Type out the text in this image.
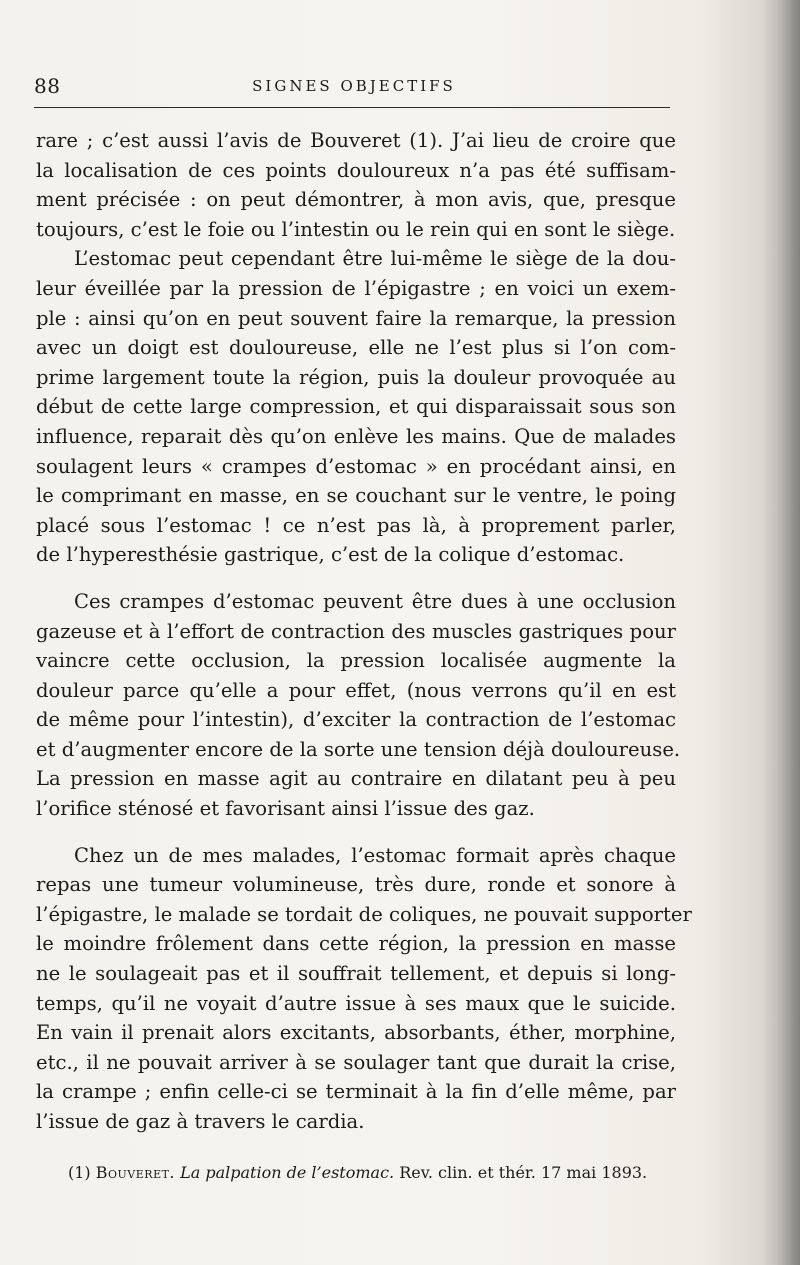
88	SIGNES OBJECTIFS

rare ; c’est aussi l’avis de Bouveret (1). J’ai lieu de croire que
la localisation de ces points douloureux n’a pas été suffisam-
ment précisée : on peut démontrer, à mon avis, que, presque
toujours, c’est le foie ou l’intestin ou le rein qui en sont le siège.

L’estomac peut cependant être lui-même le siège de la dou-
leur éveillée par la pression de l’épigastre ; en voici un exem-
ple : ainsi qu’on en peut souvent faire la remarque, la pression
avec un doigt est douloureuse, elle ne l’est plus si l’on com-
prime largement toute la région, puis la douleur provoquée au
début de cette large compression, et qui disparaissait sous son
influence, reparait dès qu’on enlève les mains. Que de malades
soulagent leurs « crampes d’estomac » en procédant ainsi, en
le comprimant en masse, en se couchant sur le ventre, le poing
placé sous l’estomac ! ce n’est pas là, à proprement parler,
de l’hyperesthésie gastrique, c’est de la colique d’estomac.

Ces crampes d’estomac peuvent être dues à une occlusion
gazeuse et à l’effort de contraction des muscles gastriques pour
vaincre cette occlusion, la pression localisée augmente la
douleur parce qu’elle a pour effet, (nous verrons qu’il en est
de même pour l’intestin), d’exciter la contraction de l’estomac
et d’augmenter encore de la sorte une tension déjà douloureuse.
La pression en masse agit au contraire en dilatant peu à peu
l’orifice sténosé et favorisant ainsi l’issue des gaz.

Chez un de mes malades, l’estomac formait après chaque
repas une tumeur volumineuse, très dure, ronde et sonore à
l’épigastre, le malade se tordait de coliques, ne pouvait supporter
le moindre frôlement dans cette région, la pression en masse
ne le soulageait pas et il souffrait tellement, et depuis si long-
temps, qu’il ne voyait d’autre issue à ses maux que le suicide.
En vain il prenait alors excitants, absorbants, éther, morphine,
etc., il ne pouvait arriver à se soulager tant que durait la crise,
la crampe ; enfin celle-ci se terminait à la fin d’elle même, par
l’issue de gaz à travers le cardia.

(1) Bouveret. La palpation de l’estomac. Rev. clin. et thér. 17 mai 1893.
